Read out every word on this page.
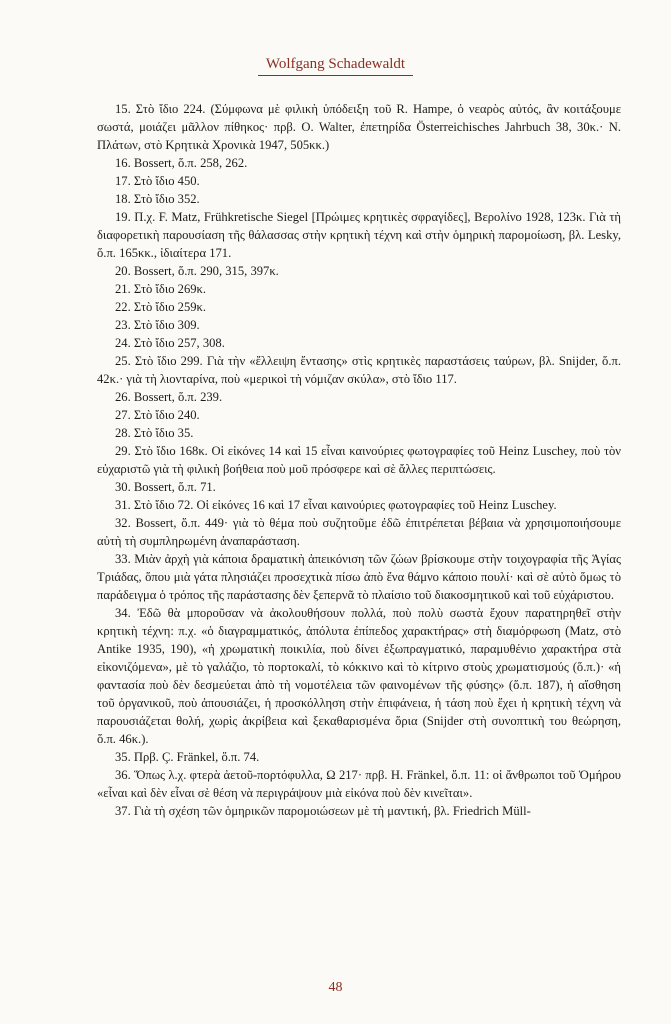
Wolfgang Schadewaldt

15. Στὸ ἴδιο 224. (Σύμφωνα μὲ φιλικὴ ὑπόδειξη τοῦ R. Hampe, ὁ νεαρὸς αὐτός, ἂν κοιτάξουμε σωστά, μοιάζει μᾶλλον πίθηκος· πρβ. O. Walter, ἐπετηρίδα Österreichisches Jahrbuch 38, 30κ.· N. Πλάτων, στὸ Κρητικὰ Χρονικὰ 1947, 505κκ.)

16. Bossert, ὅ.π. 258, 262.

17. Στὸ ἴδιο 450.

18. Στὸ ἴδιο 352.

19. Π.χ. F. Matz, Frühkretische Siegel [Πρώιμες κρητικὲς σφραγίδες], Βερολίνο 1928, 123κ. Γιὰ τὴ διαφορετικὴ παρουσίαση τῆς θάλασσας στὴν κρητικὴ τέχνη καὶ στὴν ὁμηρικὴ παρομοίωση, βλ. Lesky, ὅ.π. 165κκ., ἰδιαίτερα 171.

20. Bossert, ὅ.π. 290, 315, 397κ.

21. Στὸ ἴδιο 269κ.

22. Στὸ ἴδιο 259κ.

23. Στὸ ἴδιο 309.

24. Στὸ ἴδιο 257, 308.

25. Στὸ ἴδιο 299. Γιὰ τὴν «ἔλλειψη ἔντασης» στὶς κρητικὲς παραστάσεις ταύρων, βλ. Snijder, ὅ.π. 42κ.· γιὰ τὴ λιονταρίνα, ποὺ «μερικοὶ τὴ νόμιζαν σκύλα», στὸ ἴδιο 117.

26. Bossert, ὅ.π. 239.

27. Στὸ ἴδιο 240.

28. Στὸ ἴδιο 35.

29. Στὸ ἴδιο 168κ. Οἱ εἰκόνες 14 καὶ 15 εἶναι καινούριες φωτογραφίες τοῦ Heinz Luschey, ποὺ τὸν εὐχαριστῶ γιὰ τὴ φιλικὴ βοήθεια ποὺ μοῦ πρόσφερε καὶ σὲ ἄλλες περιπτώσεις.

30. Bossert, ὅ.π. 71.

31. Στὸ ἴδιο 72. Οἱ εἰκόνες 16 καὶ 17 εἶναι καινούριες φωτογραφίες τοῦ Heinz Luschey.

32. Bossert, ὅ.π. 449· γιὰ τὸ θέμα ποὺ συζητοῦμε ἐδῶ ἐπιτρέπεται βέβαια νὰ χρησιμοποιήσουμε αὐτὴ τὴ συμπληρωμένη ἀναπαράσταση.

33. Μιὰν ἀρχὴ γιὰ κάποια δραματικὴ ἀπεικόνιση τῶν ζώων βρίσκουμε στὴν τοιχογραφία τῆς Ἁγίας Τριάδας, ὅπου μιὰ γάτα πλησιάζει προσεχτικὰ πίσω ἀπὸ ἕνα θάμνο κάποιο πουλί· καὶ σὲ αὐτὸ ὅμως τὸ παράδειγμα ὁ τρόπος τῆς παράστασης δὲν ξεπερνᾶ τὸ πλαίσιο τοῦ διακοσμητικοῦ καὶ τοῦ εὐχάριστου.

34. Ἐδῶ θὰ μποροῦσαν νὰ ἀκολουθήσουν πολλά, ποὺ πολὺ σωστὰ ἔχουν παρατηρηθεῖ στὴν κρητικὴ τέχνη: π.χ. «ὁ διαγραμματικός, ἀπόλυτα ἐπίπεδος χαρακτήρας» στὴ διαμόρφωση (Matz, στὸ Antike 1935, 190), «ἡ χρωματικὴ ποικιλία, ποὺ δίνει ἐξωπραγματικό, παραμυθένιο χαρακτήρα στὰ εἰκονιζόμενα», μὲ τὸ γαλάζιο, τὸ πορτοκαλί, τὸ κόκκινο καὶ τὸ κίτρινο στοὺς χρωματισμούς (ὅ.π.)· «ἡ φαντασία ποὺ δὲν δεσμεύεται ἀπὸ τὴ νομοτέλεια τῶν φαινομένων τῆς φύσης» (ὅ.π. 187), ἡ αἴσθηση τοῦ ὀργανικοῦ, ποὺ ἀπουσιάζει, ἡ προσκόλληση στὴν ἐπιφάνεια, ἡ τάση ποὺ ἔχει ἡ κρητικὴ τέχνη νὰ παρουσιάζεται θολή, χωρὶς ἀκρίβεια καὶ ξεκαθαρισμένα ὅρια (Snijder στὴ συνοπτικὴ του θεώρηση, ὅ.π. 46κ.).

35. Πρβ. Ç. Fränkel, ὅ.π. 74.

36. Ὅπως λ.χ. φτερὰ ἀετοῦ-πορτόφυλλα, Ω 217· πρβ. H. Fränkel, ὅ.π. 11: οἱ ἄνθρωποι τοῦ Ὁμήρου «εἶναι καὶ δὲν εἶναι σὲ θέση νὰ περιγράψουν μιὰ εἰκόνα ποὺ δὲν κινεῖται».

37. Γιὰ τὴ σχέση τῶν ὁμηρικῶν παρομοιώσεων μὲ τὴ μαντική, βλ. Friedrich Müll-

48
